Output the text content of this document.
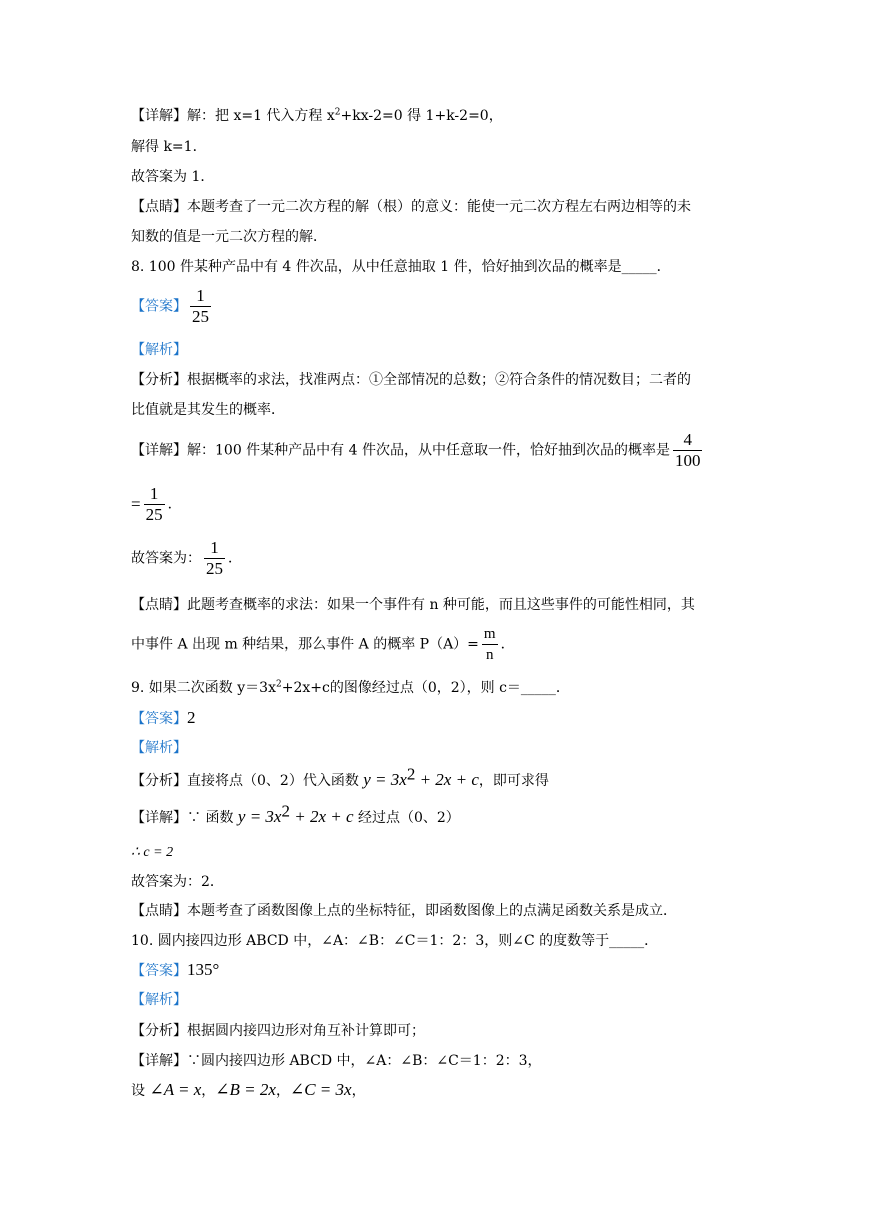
【详解】解：把 x=1 代入方程 $x^2+kx-2=0$ 得 1+k-2=0，
解得 k=1．
故答案为 1．
【点睛】本题考查了一元二次方程的解（根）的意义：能使一元二次方程左右两边相等的未
知数的值是一元二次方程的解．
8. 100 件某种产品中有 4 件次品，从中任意抽取 1 件，恰好抽到次品的概率是_____．
【答案】 $\frac{1}{25}$
【解析】
【分析】根据概率的求法，找准两点：①全部情况的总数；②符合条件的情况数目；二者的
比值就是其发生的概率．
【详解】解：100 件某种产品中有 4 件次品，从中任意取一件，恰好抽到次品的概率是 $\frac{4}{100}$
= $\frac{1}{25}$ ．
故答案为： $\frac{1}{25}$ ．
【点睛】此题考查概率的求法：如果一个事件有 n 种可能，而且这些事件的可能性相同，其
中事件 A 出现 m 种结果，那么事件 A 的概率 $P(A)= \frac{m}{n}$ ．
9. 如果二次函数 $y=3x^2+2x+c$的图像经过点（0，2），则 c＝_____．
【答案】2
【解析】
【分析】直接将点（0、2）代入函数 $y = 3x^2 + 2x + c$，即可求得
【详解】∵ 函数 $y = 3x^2 + 2x + c$ 经过点（0、2）
∴ c = 2
故答案为：2．
【点睛】本题考查了函数图像上点的坐标特征，即函数图像上的点满足函数关系是成立．
10. 圆内接四边形 ABCD 中，∠A：∠B：∠C＝1：2：3，则∠C 的度数等于_____．
【答案】135°
【解析】
【分析】根据圆内接四边形对角互补计算即可；
【详解】∵圆内接四边形 ABCD 中，∠A：∠B：∠C＝1：2：3，
设 ∠A = x，∠B = 2x，∠C = 3x，
